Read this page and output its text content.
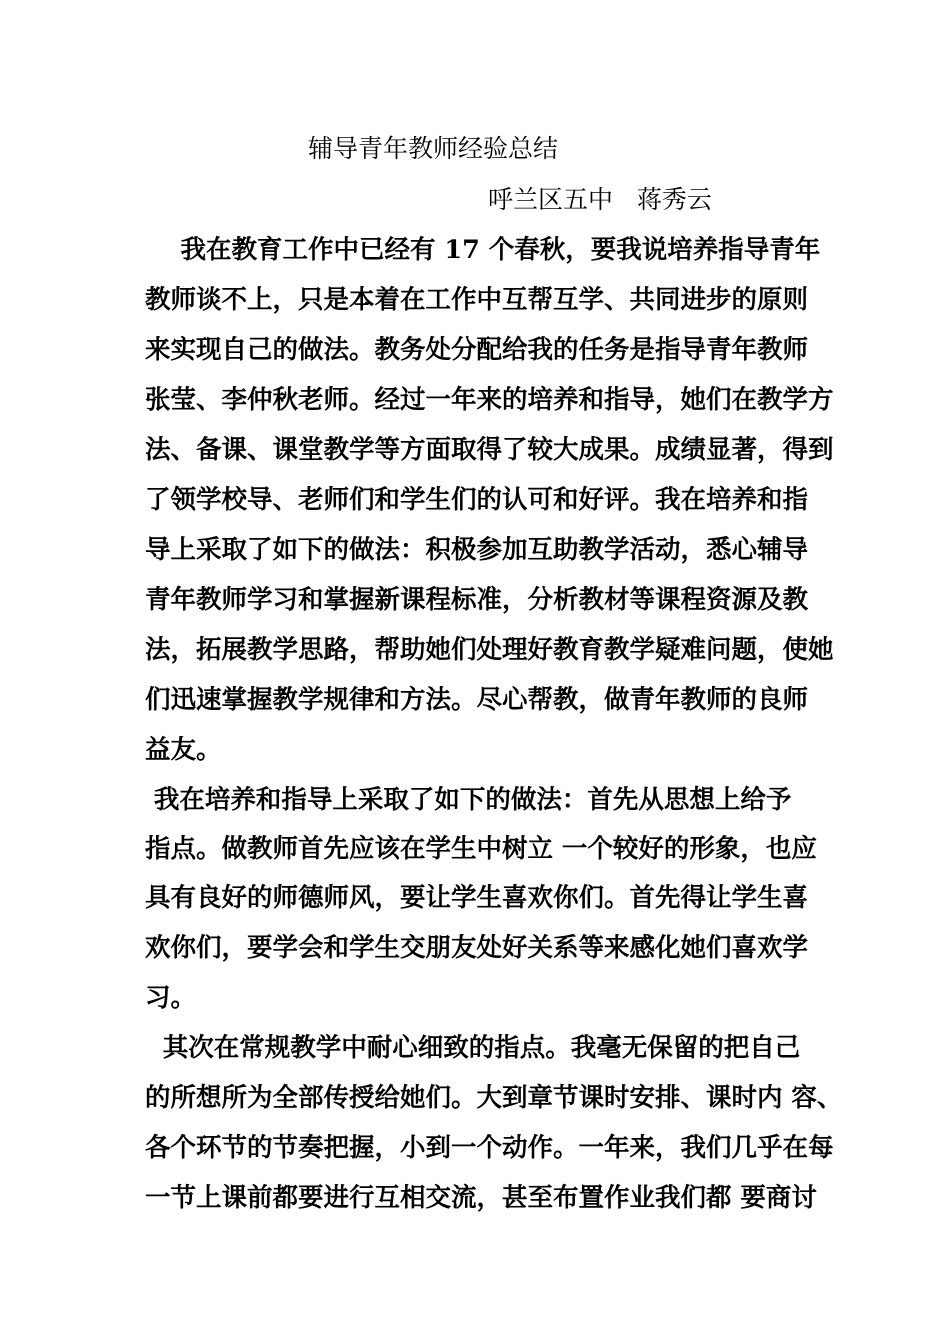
辅导青年教师经验总结
呼兰区五中   蒋秀云
我在教育工作中已经有 17 个春秋，要我说培养指导青年
教师谈不上，只是本着在工作中互帮互学、共同进步的原则
来实现自己的做法。教务处分配给我的任务是指导青年教师
张莹、李仲秋老师。经过一年来的培养和指导，她们在教学方
法、备课、课堂教学等方面取得了较大成果。成绩显著，得到
了领学校导、老师们和学生们的认可和好评。我在培养和指
导上采取了如下的做法：积极参加互助教学活动，悉心辅导
青年教师学习和掌握新课程标准，分析教材等课程资源及教
法，拓展教学思路，帮助她们处理好教育教学疑难问题，使她
们迅速掌握教学规律和方法。尽心帮教，做青年教师的良师
益友。
我在培养和指导上采取了如下的做法：首先从思想上给予
指点。做教师首先应该在学生中树立 一个较好的形象，也应
具有良好的师德师风，要让学生喜欢你们。首先得让学生喜
欢你们，要学会和学生交朋友处好关系等来感化她们喜欢学
习。
其次在常规教学中耐心细致的指点。我毫无保留的把自己
的所想所为全部传授给她们。大到章节课时安排、课时内 容、
各个环节的节奏把握，小到一个动作。一年来，我们几乎在每
一节上课前都要进行互相交流，甚至布置作业我们都 要商讨
